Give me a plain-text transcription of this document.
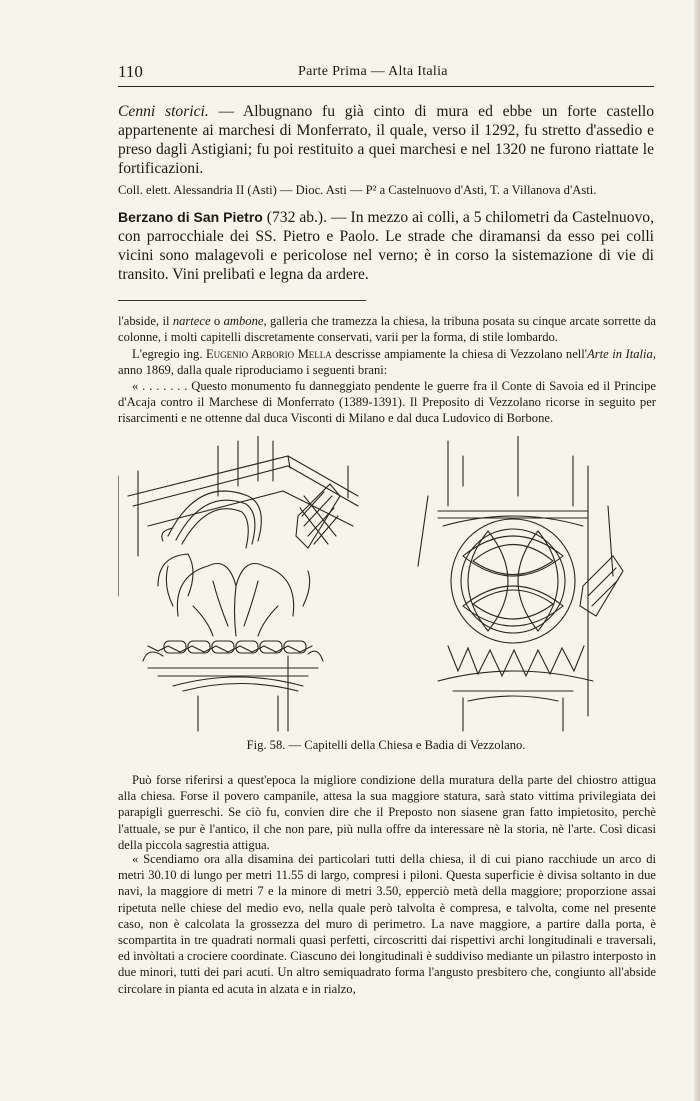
110	Parte Prima — Alta Italia
Cenni storici. — Albugnano fu già cinto di mura ed ebbe un forte castello appartenente ai marchesi di Monferrato, il quale, verso il 1292, fu stretto d'assedio e preso dagli Astigiani; fu poi restituito a quei marchesi e nel 1320 ne furono riattate le fortificazioni.
Coll. elett. Alessandria II (Asti) — Dioc. Asti — P² a Castelnuovo d'Asti, T. a Villanova d'Asti.
Berzano di San Pietro (732 ab.). — In mezzo ai colli, a 5 chilometri da Castelnuovo, con parrocchiale dei SS. Pietro e Paolo. Le strade che diramansi da esso pei colli vicini sono malagevoli e pericolose nel verno; è in corso la sistemazione di vie di transito. Vini prelibati e legna da ardere.
l'abside, il nartece o ambone, galleria che tramezza la chiesa, la tribuna posata su cinque arcate sorrette da colonne, i molti capitelli discretamente conservati, varii per la forma, di stile lombardo.
L'egregio ing. Eugenio Arborio Mella descrisse ampiamente la chiesa di Vezzolano nell'Arte in Italia, anno 1869, dalla quale riproduciamo i seguenti brani:
« . . . . . . . Questo monumento fu danneggiato pendente le guerre fra il Conte di Savoia ed il Principe d'Acaja contro il Marchese di Monferrato (1389-1391). Il Preposito di Vezzolano ricorse in seguito per risarcimenti e ne ottenne dal duca Visconti di Milano e dal duca Ludovico di Borbone.
Fig. 58. — Capitelli della Chiesa e Badia di Vezzolano.
Può forse riferirsi a quest'epoca la migliore condizione della muratura della parte del chiostro attigua alla chiesa. Forse il povero campanile, attesa la sua maggiore statura, sarà stato vittima privilegiata dei parapigli guerreschi. Se ciò fu, convien dire che il Preposto non siasene gran fatto impietosito, perchè l'attuale, se pur è l'antico, il che non pare, più nulla offre da interessare nè la storia, nè l'arte. Così dicasi della piccola sagrestia attigua.
« Scendiamo ora alla disamina dei particolari tutti della chiesa, il di cui piano racchiude un arco di metri 30.10 di lungo per metri 11.55 di largo, compresi i piloni. Questa superficie è divisa soltanto in due navi, la maggiore di metri 7 e la minore di metri 3.50, epperciò metà della maggiore; proporzione assai ripetuta nelle chiese del medio evo, nella quale però talvolta è compresa, e talvolta, come nel presente caso, non è calcolata la grossezza del muro di perimetro. La nave maggiore, a partire dalla porta, è scompartita in tre quadrati normali quasi perfetti, circoscritti dai rispettivi archi longitudinali e traversali, ed invòltati a crociere coordinate. Ciascuno dei longitudinali è suddiviso mediante un pilastro interposto in due minori, tutti dei pari acuti. Un altro semiquadrato forma l'angusto presbitero che, congiunto all'abside circolare in pianta ed acuta in alzata e in rialzo,
